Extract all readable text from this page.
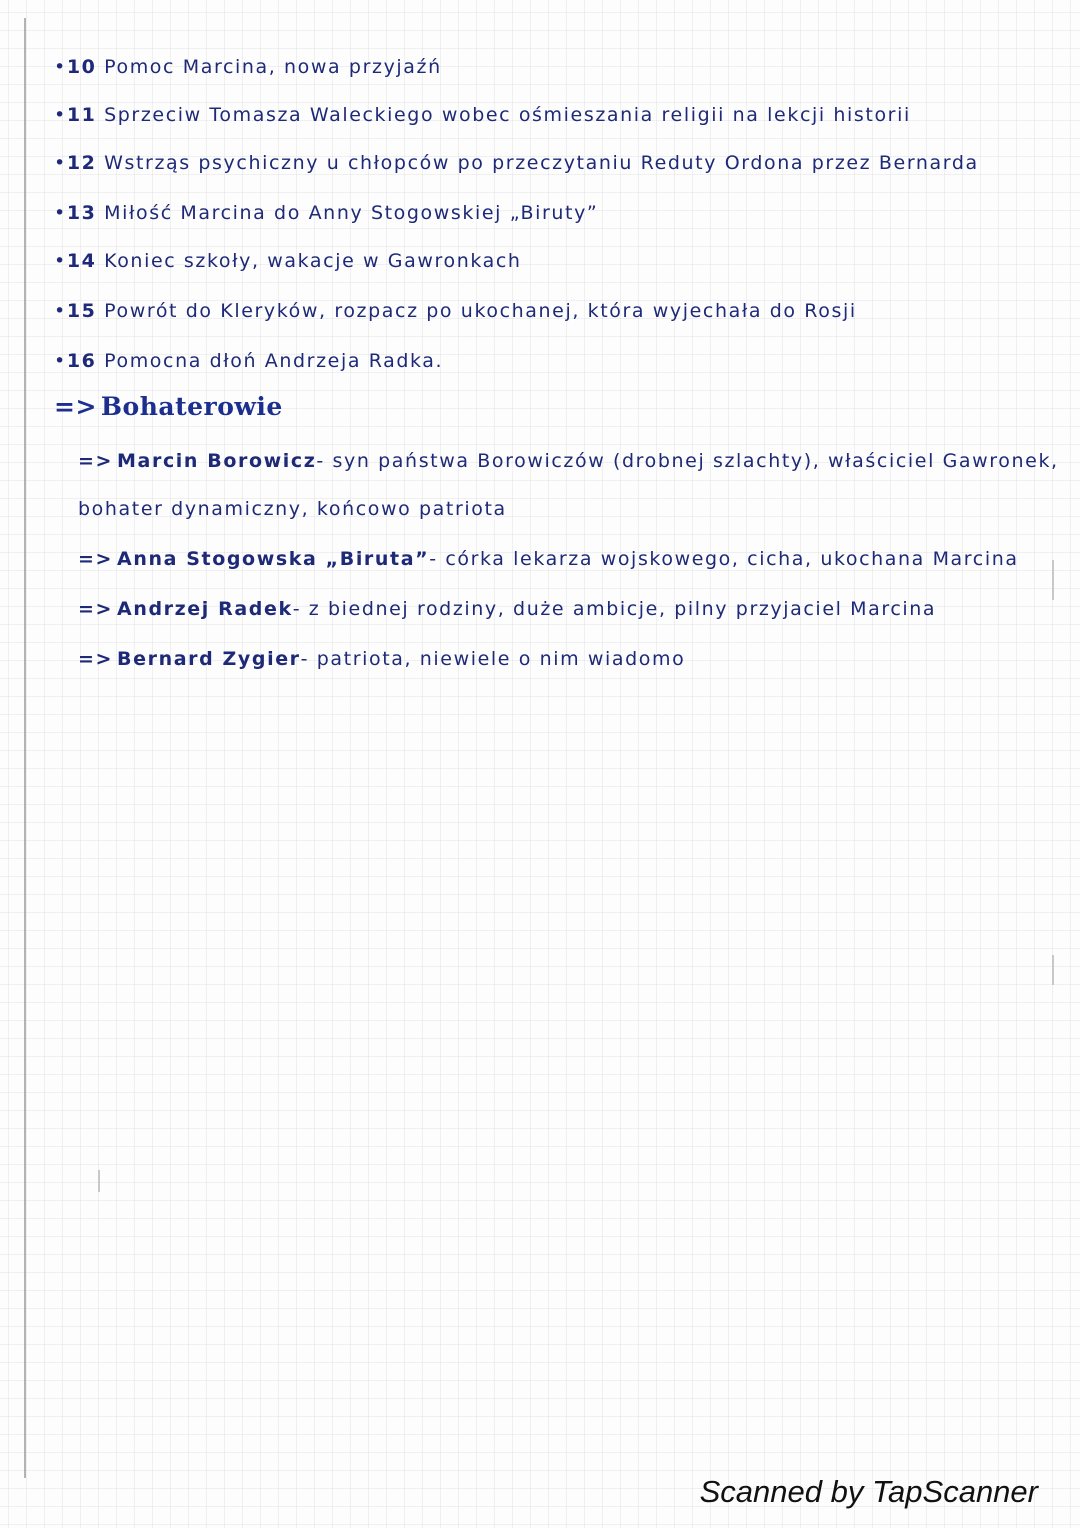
•10 Pomoc Marcina, nowa przyjaźń
•11 Sprzeciw Tomasza Waleckiego wobec ośmieszania religii na lekcji historii
•12 Wstrząs psychiczny u chłopców po przeczytaniu Reduty Ordona przez Bernarda
•13 Miłość Marcina do Anny Stogowskiej „Biruty”
•14 Koniec szkoły, wakacje w Gawronkach
•15 Powrót do Kleryków, rozpacz po ukochanej, która wyjechała do Rosji
•16 Pomocna dłoń Andrzeja Radka.
=> Bohaterowie
=> Marcin Borowicz- syn państwa Borowiczów (drobnej szlachty), właściciel Gawronek,
bohater dynamiczny, końcowo patriota
=> Anna Stogowska „Biruta”- córka lekarza wojskowego, cicha, ukochana Marcina
=> Andrzej Radek- z biednej rodziny, duże ambicje, pilny przyjaciel Marcina
=> Bernard Zygier- patriota, niewiele o nim wiadomo
Scanned by TapScanner
